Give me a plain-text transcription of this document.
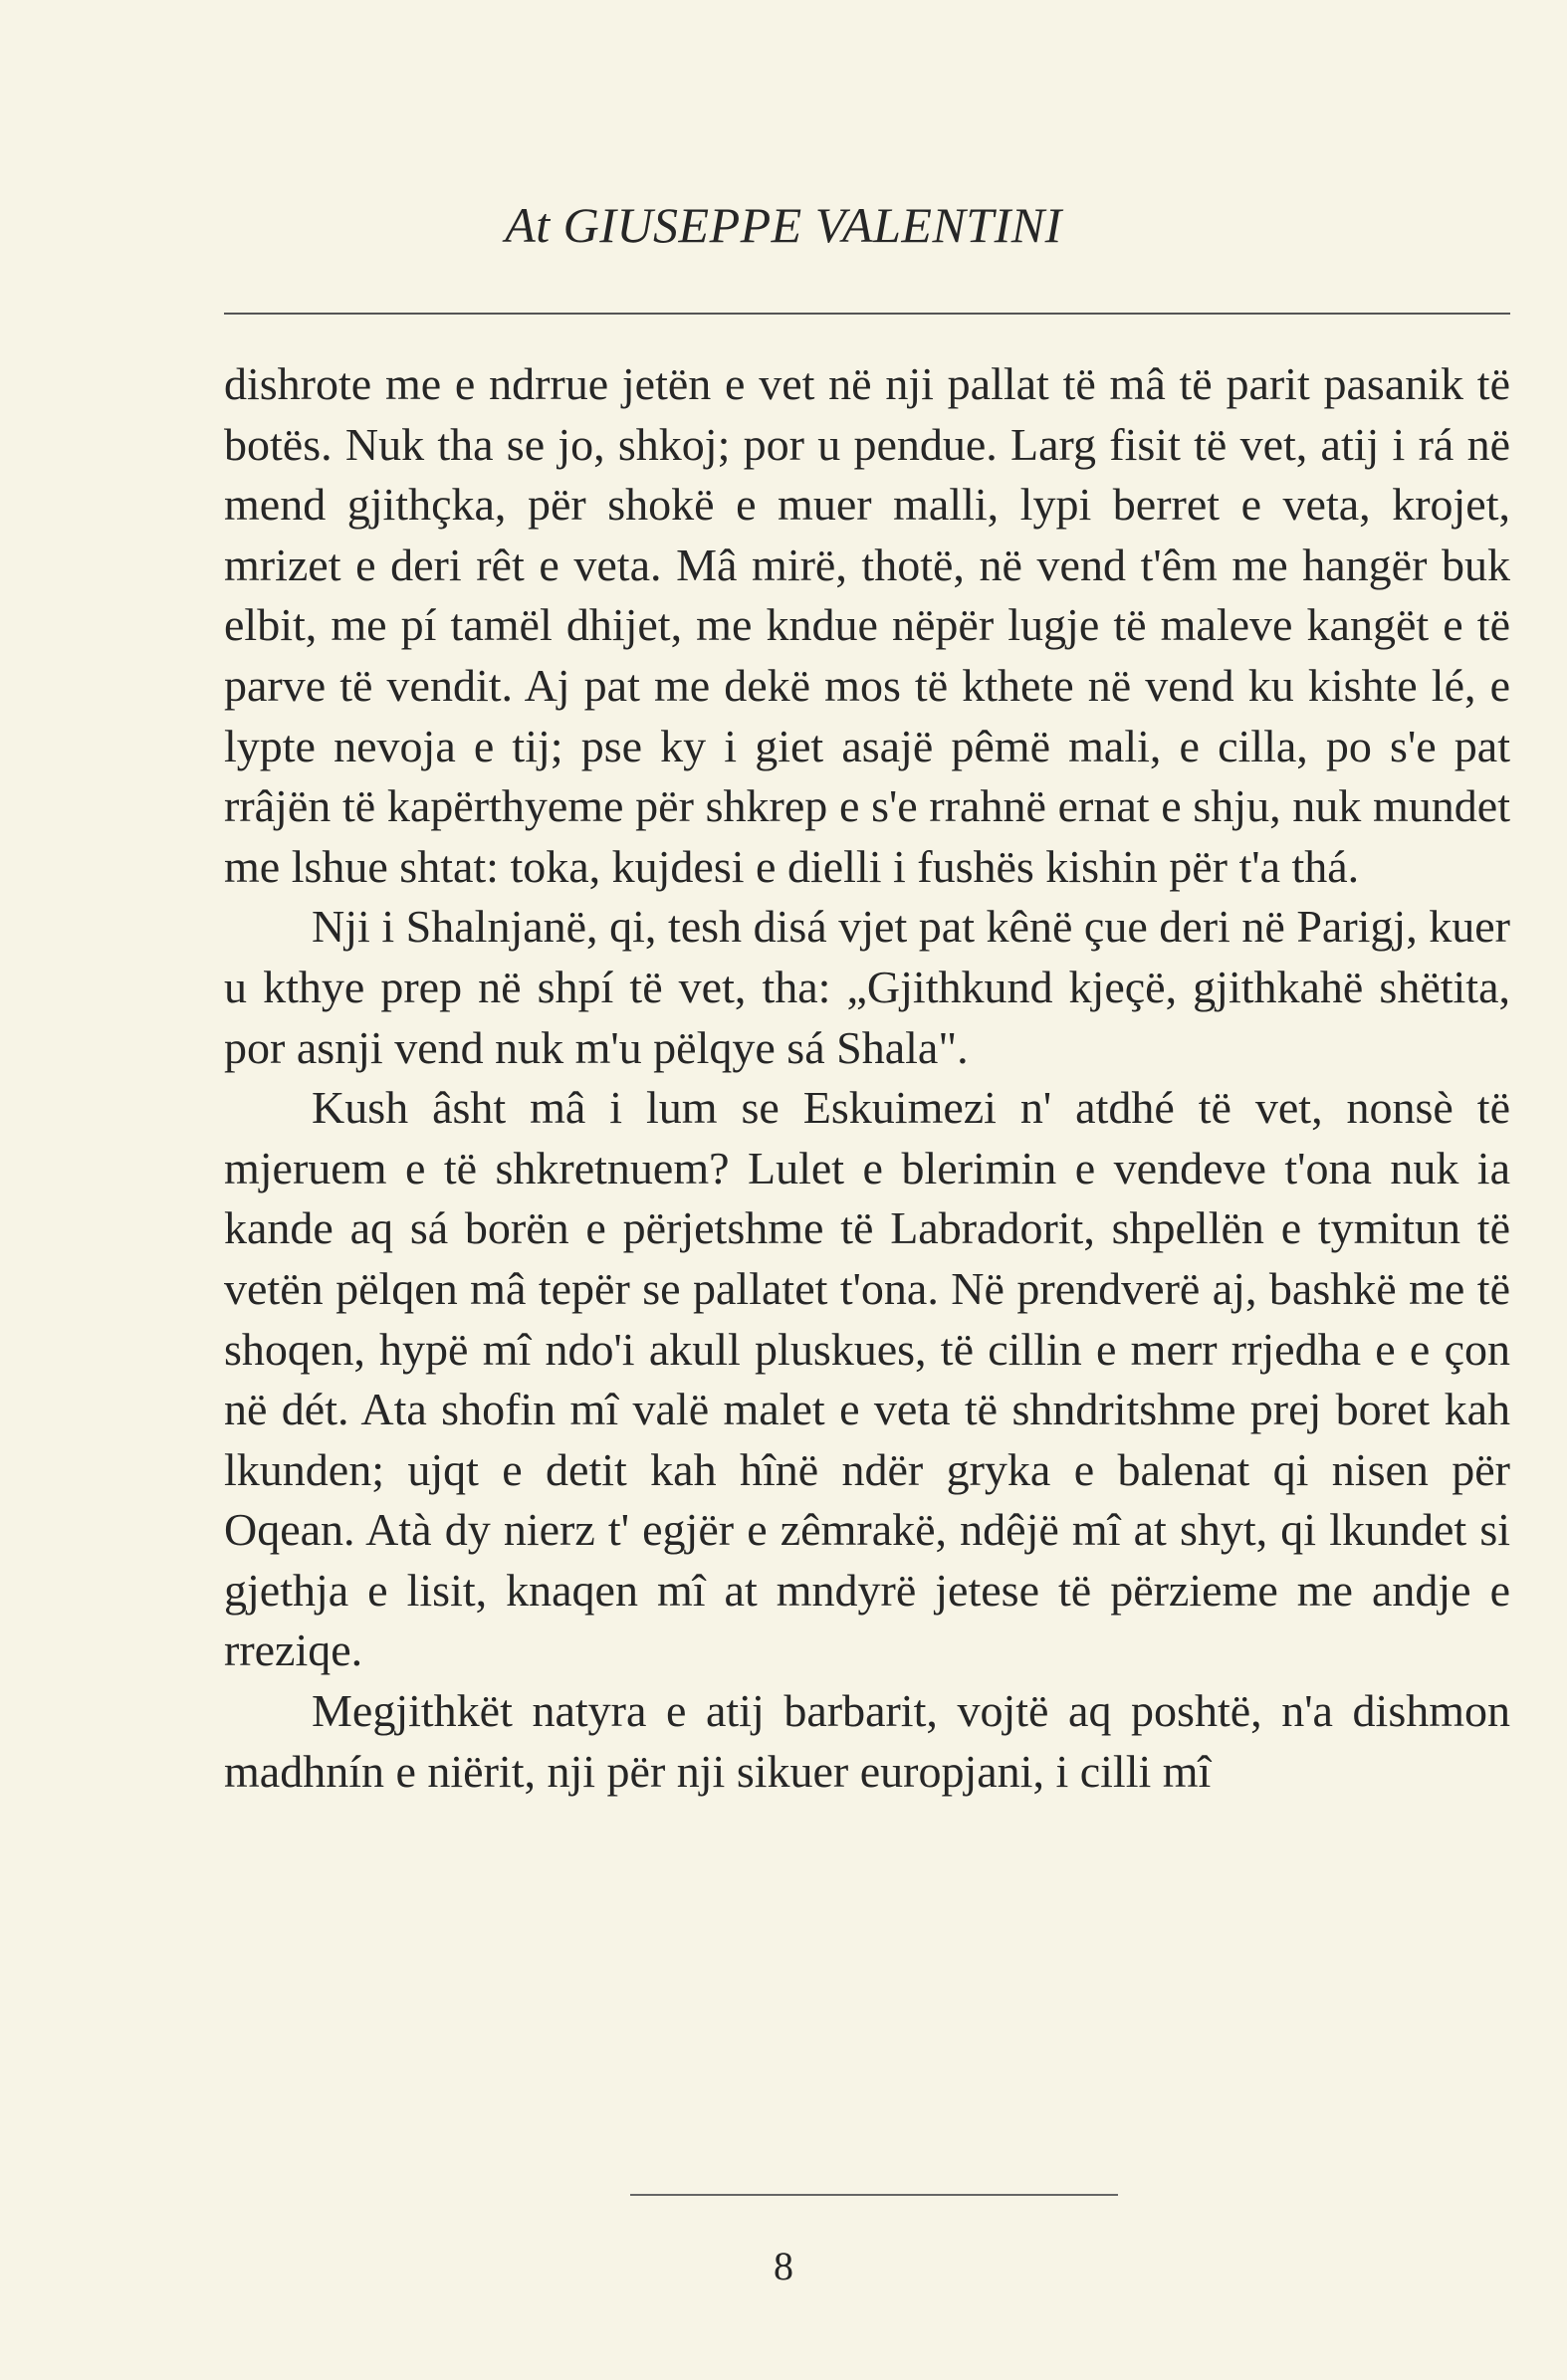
At GIUSEPPE VALENTINI

dishrote me e ndrrue jetën e vet në nji pallat të mâ të parit pasanik të botës. Nuk tha se jo, shkoj; por u pendue. Larg fisit të vet, atij i rá në mend gjithçka, për shokë e muer malli, lypi berret e veta, krojet, mrizet e deri rêt e veta. Mâ mirë, thotë, në vend t'êm me hangër buk elbit, me pí tamël dhijet, me kndue nëpër lugje të maleve kangët e të parve të vendit. Aj pat me dekë mos të kthete në vend ku kishte lé, e lypte nevoja e tij; pse ky i giet asajë pêmë mali, e cilla, po s'e pat rrâjën të kapërthyeme për shkrep e s'e rrahnë ernat e shju, nuk mundet me lshue shtat: toka, kujdesi e dielli i fushës kishin për t'a thá.

Nji i Shalnjanë, qi, tesh disá vjet pat kênë çue deri në Parigj, kuer u kthye prep në shpí të vet, tha: „Gjithkund kjeçë, gjithkahë shëtita, por asnji vend nuk m'u pëlqye sá Shala".

Kush âsht mâ i lum se Eskuimezi n' atdhé të vet, nonsè të mjeruem e të shkretnuem? Lulet e blerimin e vendeve t'ona nuk ia kande aq sá borën e përjetshme të Labradorit, shpellën e tymitun të vetën pëlqen mâ tepër se pallatet t'ona. Në prendverë aj, bashkë me të shoqen, hypë mî ndo'i akull pluskues, të cillin e merr rrjedha e e çon në dét. Ata shofin mî valë malet e veta të shndritshme prej boret kah lkunden; ujqt e detit kah hînë ndër gryka e balenat qi nisen për Oqean. Atà dy nierz t' egjër e zêmrakë, ndêjë mî at shyt, qi lkundet si gjethja e lisit, knaqen mî at mndyrë jetese të përzieme me andje e rreziqe.

Megjithkët natyra e atij barbarit, vojtë aq poshtë, n'a dishmon madhnín e niërit, nji për nji sikuer europjani, i cilli mî

8
